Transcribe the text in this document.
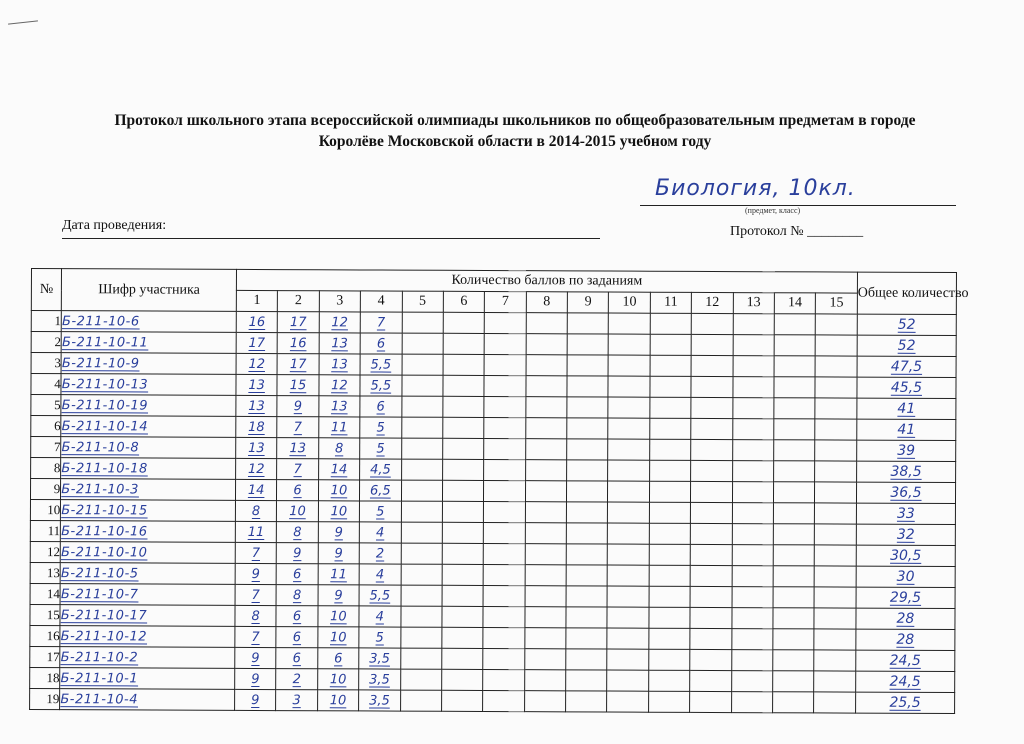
Протокол школьного этапа всероссийской олимпиады школьников по общеобразовательным предметам в городе
Королёве Московской области в 2014-2015 учебном году
Биология, 10кл.
(предмет, класс)
Дата проведения:	Протокол № ________
№	Шифр участника	Количество баллов по заданиям															Общее количество
		1	2	3	4	5	6	7	8	9	10	11	12	13	14	15	
1	Б-211-10-6	16	17	12	7												52
2	Б-211-10-11	17	16	13	6												52
3	Б-211-10-9	12	17	13	5,5												47,5
4	Б-211-10-13	13	15	12	5,5												45,5
5	Б-211-10-19	13	9	13	6												41
6	Б-211-10-14	18	7	11	5												41
7	Б-211-10-8	13	13	8	5												39
8	Б-211-10-18	12	7	14	4,5												38,5
9	Б-211-10-3	14	6	10	6,5												36,5
10	Б-211-10-15	8	10	10	5												33
11	Б-211-10-16	11	8	9	4												32
12	Б-211-10-10	7	9	9	2												30,5
13	Б-211-10-5	9	6	11	4												30
14	Б-211-10-7	7	8	9	5,5												29,5
15	Б-211-10-17	8	6	10	4												28
16	Б-211-10-12	7	6	10	5												28
17	Б-211-10-2	9	6	6	3,5												24,5
18	Б-211-10-1	9	2	10	3,5												24,5
19	Б-211-10-4	9	3	10	3,5												25,5
